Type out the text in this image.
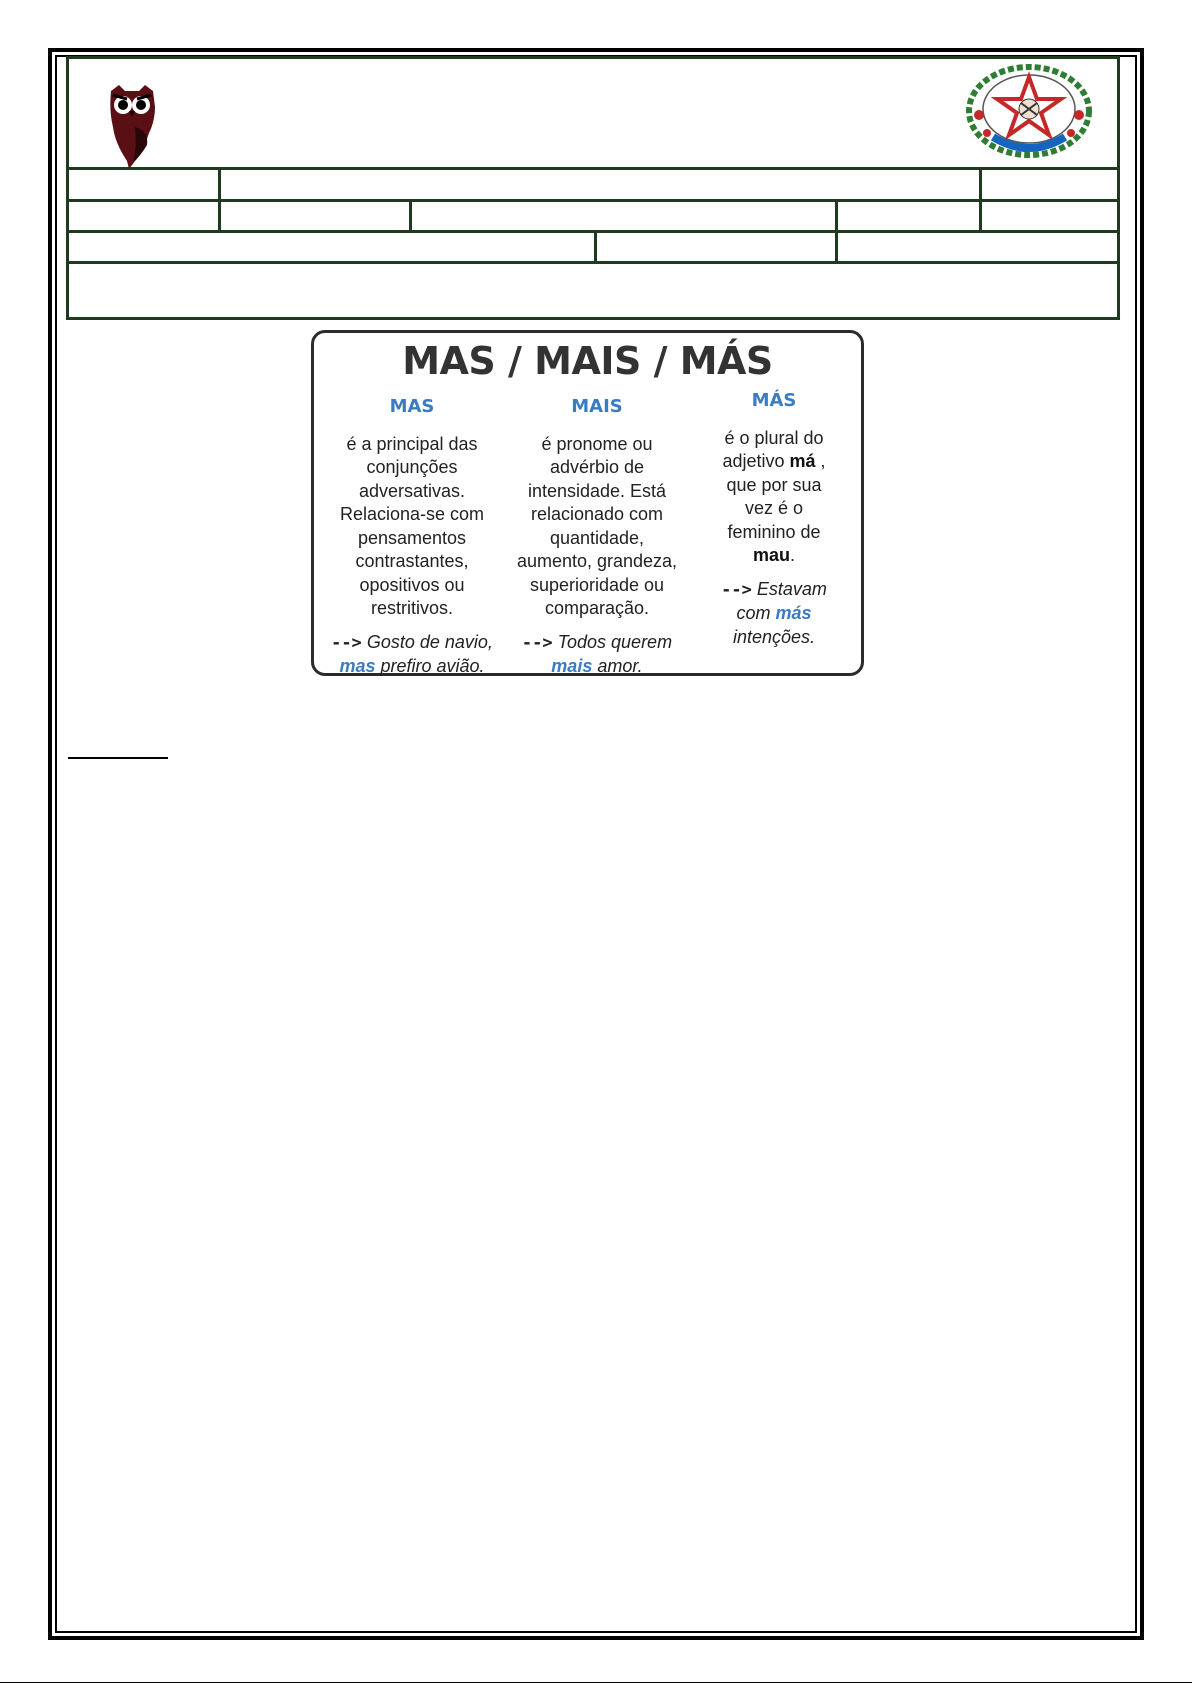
MAS / MAIS / MÁS
MAS
é a principal das
conjunções
adversativas.
Relaciona-se com
pensamentos
contrastantes,
opositivos ou
restritivos.
--> Gosto de navio,
mas prefiro avião.
MAIS
é pronome ou
advérbio de
intensidade. Está
relacionado com
quantidade,
aumento, grandeza,
superioridade ou
comparação.
--> Todos querem
mais amor.
MÁS
é o plural do
adjetivo má ,
que por sua
vez é o
feminino de
mau.
--> Estavam
com más
intenções.
